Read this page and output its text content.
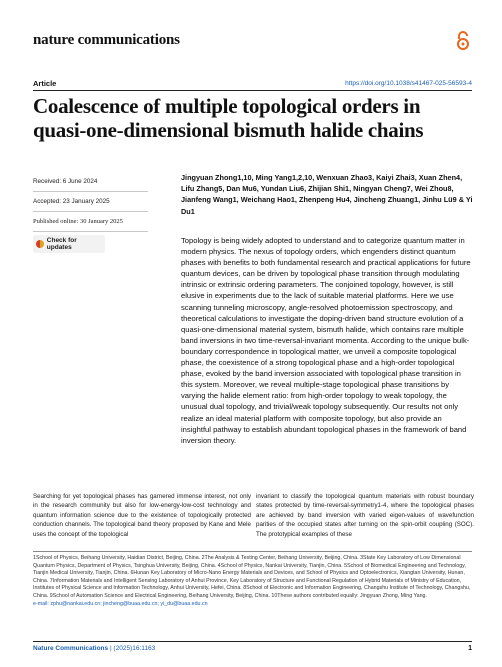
nature communications
Article	https://doi.org/10.1038/s41467-025-56593-4
Coalescence of multiple topological orders in quasi-one-dimensional bismuth halide chains
Received: 6 June 2024
Accepted: 23 January 2025
Published online: 30 January 2025
Check for updates
Jingyuan Zhong1,10, Ming Yang1,2,10, Wenxuan Zhao3, Kaiyi Zhai3, Xuan Zhen4, Lifu Zhang5, Dan Mu6, Yundan Liu6, Zhijian Shi1, Ningyan Cheng7, Wei Zhou8, Jianfeng Wang1, Weichang Hao1, Zhenpeng Hu4, Jincheng Zhuang1, Jinhu Lü9 & Yi Du1

Topology is being widely adopted to understand and to categorize quantum matter in modern physics. The nexus of topology orders, which engenders distinct quantum phases with benefits to both fundamental research and practical applications for future quantum devices, can be driven by topological phase transition through modulating intrinsic or extrinsic ordering parameters. The conjoined topology, however, is still elusive in experiments due to the lack of suitable material platforms. Here we use scanning tunneling microscopy, angle-resolved photoemission spectroscopy, and theoretical calculations to investigate the doping-driven band structure evolution of a quasi-one-dimensional material system, bismuth halide, which contains rare multiple band inversions in two time-reversal-invariant momenta. According to the unique bulk-boundary correspondence in topological matter, we unveil a composite topological phase, the coexistence of a strong topological phase and a high-order topological phase, evoked by the band inversion associated with topological phase transition in this system. Moreover, we reveal multiple-stage topological phase transitions by varying the halide element ratio: from high-order topology to weak topology, the unusual dual topology, and trivial/weak topology subsequently. Our results not only realize an ideal material platform with composite topology, but also provide an insightful pathway to establish abundant topological phases in the framework of band inversion theory.

Searching for yet topological phases has garnered immense interest, not only in the research community but also for low-energy-low-cost technology and quantum information science due to the existence of topologically protected conduction channels. The topological band theory proposed by Kane and Mele uses the concept of the topological

invariant to classify the topological quantum materials with robust boundary states protected by time-reversal-symmetry1-4, where the topological phases are achieved by band inversion with varied eigen-values of wavefunction parities of the occupied states after turning on the spin-orbit coupling (SOC). The prototypical examples of these

1School of Physics, Beihang University, Haidian District, Beijing, China. 2The Analysis & Testing Center, Beihang University, Beijing, China. 3State Key Laboratory of Low Dimensional Quantum Physics, Department of Physics, Tsinghua University, Beijing, China. 4School of Physics, Nankai University, Tianjin, China. 5School of Biomedical Engineering and Technology, Tianjin Medical University, Tianjin, China. 6Hunan Key Laboratory of Micro-Nano Energy Materials and Devices, and School of Physics and Optoelectronics, Xiangtan University, Hunan, China. 7Information Materials and Intelligent Sensing Laboratory of Anhui Province, Key Laboratory of Structure and Functional Regulation of Hybrid Materials of Ministry of Education, Institutes of Physical Science and Information Technology, Anhui University, Hefei, China. 8School of Electronic and Information Engineering, Changshu Institute of Technology, Changshu, China. 9School of Automation Science and Electrical Engineering, Beihang University, Beijing, China. 10These authors contributed equally: Jingyuan Zhong, Ming Yang.
e-mail: zphu@nankai.edu.cn; jincheng@buaa.edu.cn; yi_du@buaa.edu.cn
Nature Communications | (2025)16:1163	1
